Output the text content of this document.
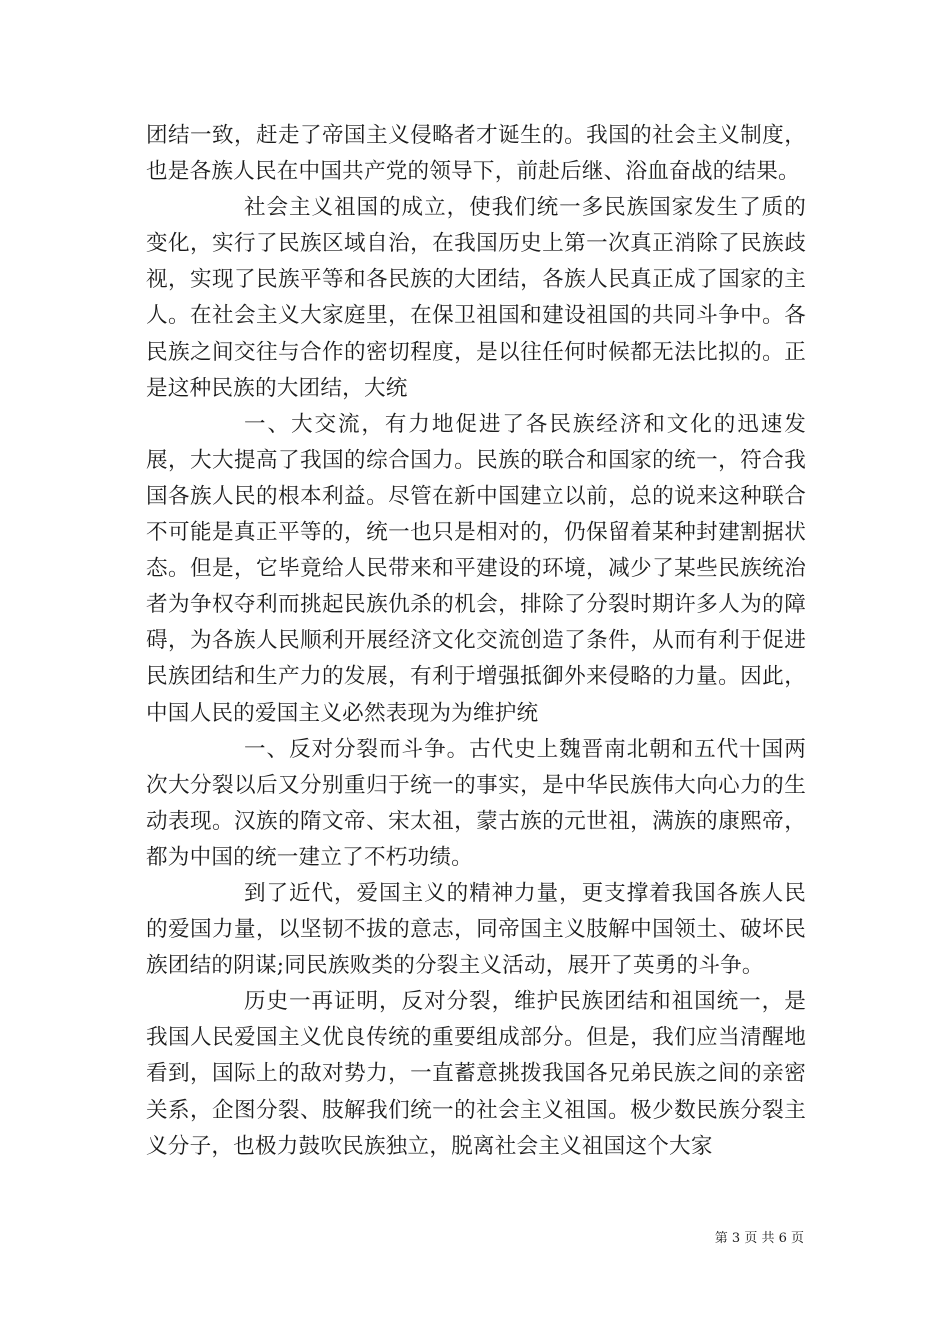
团结一致，赶走了帝国主义侵略者才诞生的。我国的社会主义制度，也是各族人民在中国共产党的领导下，前赴后继、浴血奋战的结果。

社会主义祖国的成立，使我们统一多民族国家发生了质的变化，实行了民族区域自治，在我国历史上第一次真正消除了民族歧视，实现了民族平等和各民族的大团结，各族人民真正成了国家的主人。在社会主义大家庭里，在保卫祖国和建设祖国的共同斗争中。各民族之间交往与合作的密切程度，是以往任何时候都无法比拟的。正是这种民族的大团结，大统

一、大交流，有力地促进了各民族经济和文化的迅速发展，大大提高了我国的综合国力。民族的联合和国家的统一，符合我国各族人民的根本利益。尽管在新中国建立以前，总的说来这种联合不可能是真正平等的，统一也只是相对的，仍保留着某种封建割据状态。但是，它毕竟给人民带来和平建设的环境，减少了某些民族统治者为争权夺利而挑起民族仇杀的机会，排除了分裂时期许多人为的障碍，为各族人民顺利开展经济文化交流创造了条件，从而有利于促进民族团结和生产力的发展，有利于增强抵御外来侵略的力量。因此，中国人民的爱国主义必然表现为为维护统

一、反对分裂而斗争。古代史上魏晋南北朝和五代十国两次大分裂以后又分别重归于统一的事实，是中华民族伟大向心力的生动表现。汉族的隋文帝、宋太祖，蒙古族的元世祖，满族的康熙帝，都为中国的统一建立了不朽功绩。

到了近代，爱国主义的精神力量，更支撑着我国各族人民的爱国力量，以坚韧不拔的意志，同帝国主义肢解中国领土、破坏民族团结的阴谋;同民族败类的分裂主义活动，展开了英勇的斗争。

历史一再证明，反对分裂，维护民族团结和祖国统一，是我国人民爱国主义优良传统的重要组成部分。但是，我们应当清醒地看到，国际上的敌对势力，一直蓄意挑拨我国各兄弟民族之间的亲密关系，企图分裂、肢解我们统一的社会主义祖国。极少数民族分裂主义分子，也极力鼓吹民族独立，脱离社会主义祖国这个大家

第 3 页 共 6 页
